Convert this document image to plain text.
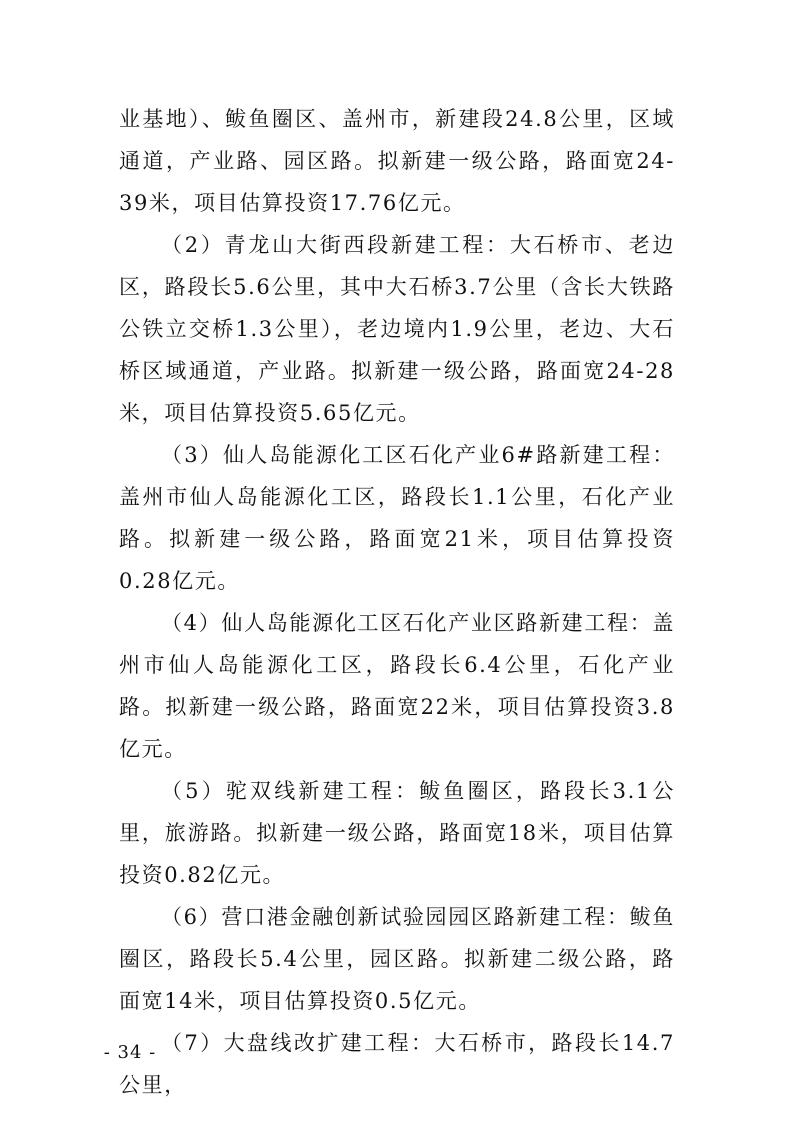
业基地）、鲅鱼圈区、盖州市，新建段24.8公里，区域通道，产业路、园区路。拟新建一级公路，路面宽24-39米，项目估算投资17.76亿元。

（2）青龙山大街西段新建工程：大石桥市、老边区，路段长5.6公里，其中大石桥3.7公里（含长大铁路公铁立交桥1.3公里），老边境内1.9公里，老边、大石桥区域通道，产业路。拟新建一级公路，路面宽24-28米，项目估算投资5.65亿元。

（3）仙人岛能源化工区石化产业6#路新建工程：盖州市仙人岛能源化工区，路段长1.1公里，石化产业路。拟新建一级公路，路面宽21米，项目估算投资0.28亿元。

（4）仙人岛能源化工区石化产业区路新建工程：盖州市仙人岛能源化工区，路段长6.4公里，石化产业路。拟新建一级公路，路面宽22米，项目估算投资3.8亿元。

（5）驼双线新建工程：鲅鱼圈区，路段长3.1公里，旅游路。拟新建一级公路，路面宽18米，项目估算投资0.82亿元。

（6）营口港金融创新试验园园区路新建工程：鲅鱼圈区，路段长5.4公里，园区路。拟新建二级公路，路面宽14米，项目估算投资0.5亿元。

（7）大盘线改扩建工程：大石桥市，路段长14.7公里，

- 34 -
